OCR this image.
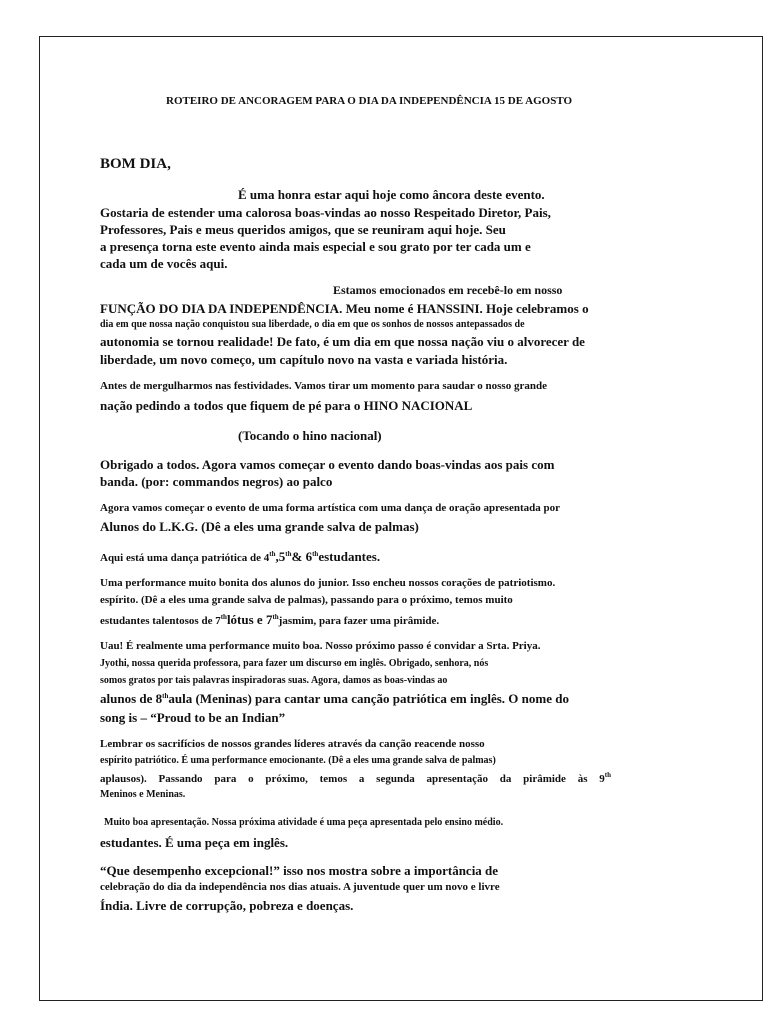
ROTEIRO DE ANCORAGEM PARA O DIA DA INDEPENDÊNCIA 15 DE AGOSTO
BOM DIA,
É uma honra estar aqui hoje como âncora deste evento.
Gostaria de estender uma calorosa boas-vindas ao nosso Respeitado Diretor, Pais,
Professores, Pais e meus queridos amigos, que se reuniram aqui hoje. Seu
a presença torna este evento ainda mais especial e sou grato por ter cada um e
cada um de vocês aqui.
Estamos emocionados em recebê-lo em nosso
FUNÇÃO DO DIA DA INDEPENDÊNCIA. Meu nome é HANSSINI. Hoje celebramos o
dia em que nossa nação conquistou sua liberdade, o dia em que os sonhos de nossos antepassados de
autonomia se tornou realidade! De fato, é um dia em que nossa nação viu o alvorecer de
liberdade, um novo começo, um capítulo novo na vasta e variada história.
Antes de mergulharmos nas festividades. Vamos tirar um momento para saudar o nosso grande
nação pedindo a todos que fiquem de pé para o HINO NACIONAL
(Tocando o hino nacional)
Obrigado a todos. Agora vamos começar o evento dando boas-vindas aos pais com
banda. (por: commandos negros) ao palco
Agora vamos começar o evento de uma forma artística com uma dança de oração apresentada por
Alunos do L.K.G. (Dê a eles uma grande salva de palmas)
Aqui está uma dança patriótica de 4th,5th& 6thestudantes.
Uma performance muito bonita dos alunos do junior. Isso encheu nossos corações de patriotismo.
espírito. (Dê a eles uma grande salva de palmas), passando para o próximo, temos muito
estudantes talentosos de 7thlótus e 7thjasmim, para fazer uma pirâmide.
Uau! É realmente uma performance muito boa. Nosso próximo passo é convidar a Srta. Priya.
Jyothi, nossa querida professora, para fazer um discurso em inglês. Obrigado, senhora, nós
somos gratos por tais palavras inspiradoras suas. Agora, damos as boas-vindas ao
alunos de 8thaula (Meninas) para cantar uma canção patriótica em inglês. O nome do
song is – “Proud to be an Indian”
Lembrar os sacrifícios de nossos grandes líderes através da canção reacende nosso
espírito patriótico. É uma performance emocionante. (Dê a eles uma grande salva de palmas)
aplausos). Passando para o próximo, temos a segunda apresentação da pirâmide às 9th
Meninos e Meninas.
Muito boa apresentação. Nossa próxima atividade é uma peça apresentada pelo ensino médio.
estudantes. É uma peça em inglês.
“Que desempenho excepcional!” isso nos mostra sobre a importância de
celebração do dia da independência nos dias atuais. A juventude quer um novo e livre
Índia. Livre de corrupção, pobreza e doenças.
